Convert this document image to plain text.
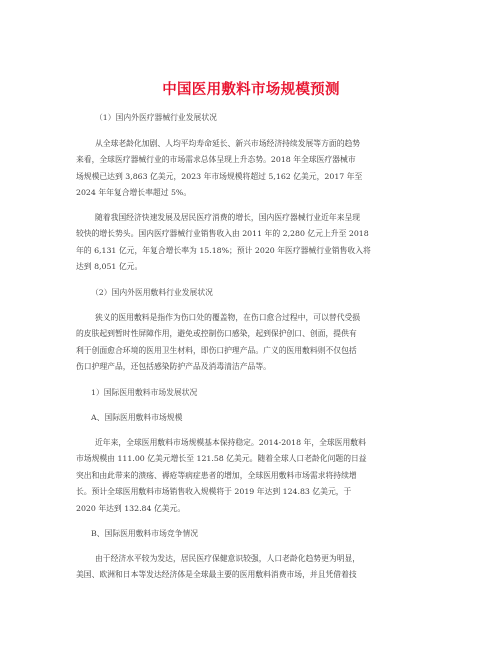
中国医用敷料市场规模预测
（1）国内外医疗器械行业发展状况
从全球老龄化加剧、人均平均寿命延长、新兴市场经济持续发展等方面的趋势
来看，全球医疗器械行业的市场需求总体呈现上升态势。2018 年全球医疗器械市
场规模已达到 3,863 亿美元，2023 年市场规模将超过 5,162 亿美元，2017 年至
2024 年年复合增长率超过 5%。
随着我国经济快速发展及居民医疗消费的增长，国内医疗器械行业近年来呈现
较快的增长势头。国内医疗器械行业销售收入由 2011 年的 2,280 亿元上升至 2018
年的 6,131 亿元，年复合增长率为 15.18%；预计 2020 年医疗器械行业销售收入将
达到 8,051 亿元。
（2）国内外医用敷料行业发展状况
狭义的医用敷料是指作为伤口处的覆盖物，在伤口愈合过程中，可以替代受损
的皮肤起到暂时性屏障作用，避免或控制伤口感染，起到保护创口、创面，提供有
利于创面愈合环境的医用卫生材料，即伤口护理产品。广义的医用敷料则不仅包括
伤口护理产品，还包括感染防护产品及消毒清洁产品等。
1）国际医用敷料市场发展状况
A、国际医用敷料市场规模
近年来，全球医用敷料市场规模基本保持稳定。2014-2018 年，全球医用敷料
市场规模由 111.00 亿美元增长至 121.58 亿美元。随着全球人口老龄化问题的日益
突出和由此带来的溃疡、褥疮等病症患者的增加，全球医用敷料市场需求将持续增
长。预计全球医用敷料市场销售收入规模将于 2019 年达到 124.83 亿美元，于
2020 年达到 132.84 亿美元。
B、国际医用敷料市场竞争情况
由于经济水平较为发达，居民医疗保健意识较强，人口老龄化趋势更为明显，
美国、欧洲和日本等发达经济体是全球最主要的医用敷料消费市场，并且凭借着技
